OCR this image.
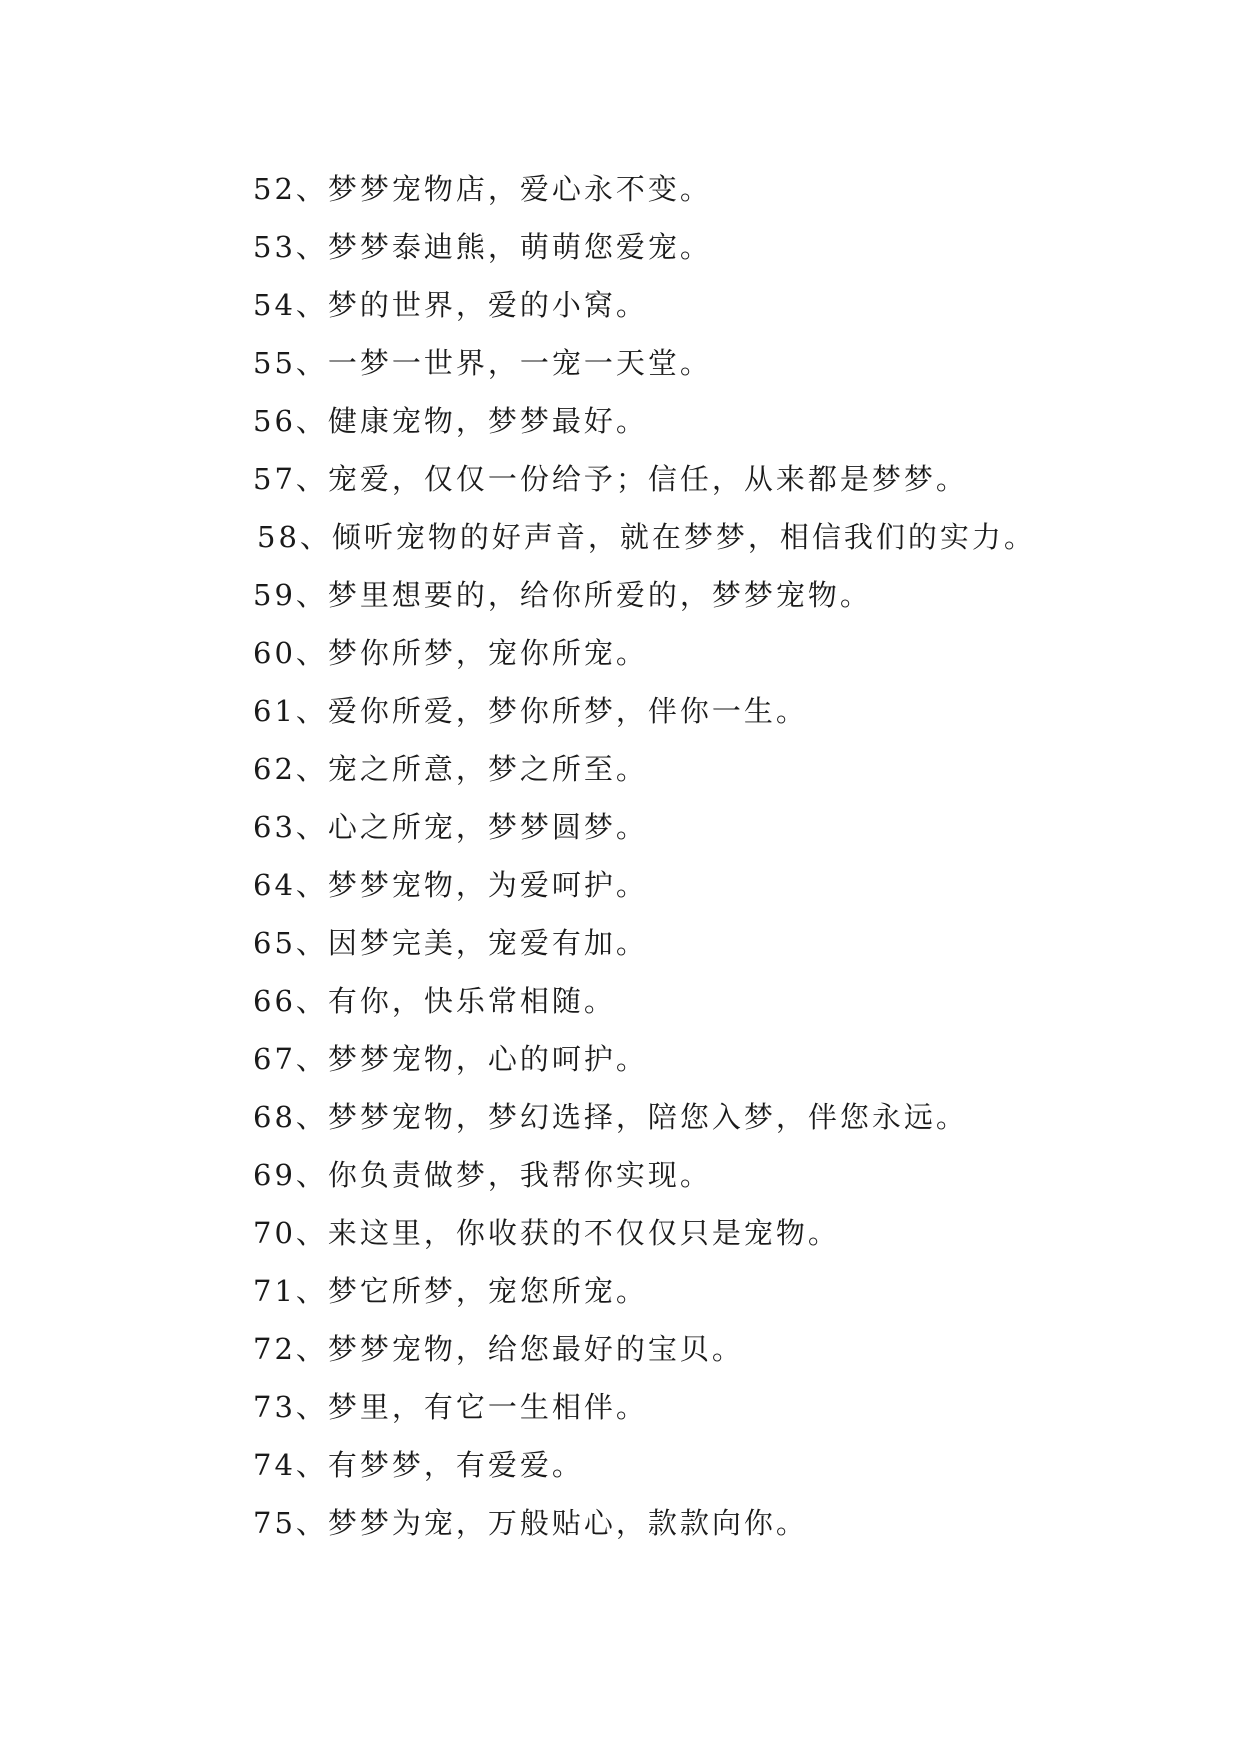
52、梦梦宠物店，爱心永不变。
53、梦梦泰迪熊，萌萌您爱宠。
54、梦的世界，爱的小窝。
55、一梦一世界，一宠一天堂。
56、健康宠物，梦梦最好。
57、宠爱，仅仅一份给予；信任，从来都是梦梦。
58、倾听宠物的好声音，就在梦梦，相信我们的实力。
59、梦里想要的，给你所爱的，梦梦宠物。
60、梦你所梦，宠你所宠。
61、爱你所爱，梦你所梦，伴你一生。
62、宠之所意，梦之所至。
63、心之所宠，梦梦圆梦。
64、梦梦宠物，为爱呵护。
65、因梦完美，宠爱有加。
66、有你，快乐常相随。
67、梦梦宠物，心的呵护。
68、梦梦宠物，梦幻选择，陪您入梦，伴您永远。
69、你负责做梦，我帮你实现。
70、来这里，你收获的不仅仅只是宠物。
71、梦它所梦，宠您所宠。
72、梦梦宠物，给您最好的宝贝。
73、梦里，有它一生相伴。
74、有梦梦，有爱爱。
75、梦梦为宠，万般贴心，款款向你。
